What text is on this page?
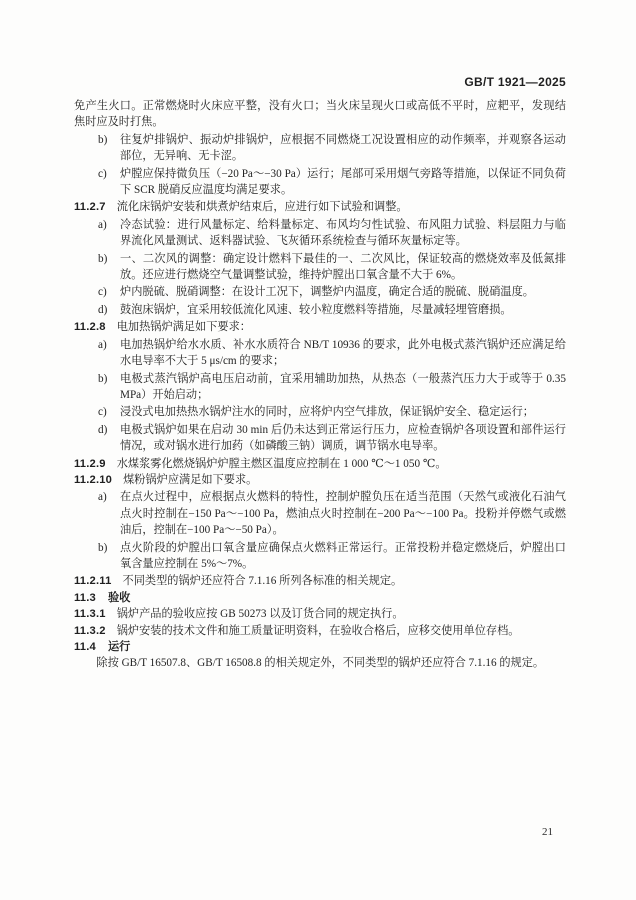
GB/T 1921—2025

免产生火口。正常燃烧时火床应平整，没有火口；当火床呈现火口或高低不平时，应耙平，发现结焦时应及时打焦。

b)	往复炉排锅炉、振动炉排锅炉，应根据不同燃烧工况设置相应的动作频率，并观察各运动部位，无异响、无卡涩。
c)	炉膛应保持微负压（−20 Pa～−30 Pa）运行；尾部可采用烟气旁路等措施，以保证不同负荷下 SCR 脱硝反应温度均满足要求。

11.2.7 流化床锅炉安装和烘煮炉结束后，应进行如下试验和调整。

a)	冷态试验：进行风量标定、给料量标定、布风均匀性试验、布风阻力试验、料层阻力与临界流化风量测试、返料器试验、飞灰循环系统检查与循环灰量标定等。
b)	一、二次风的调整：确定设计燃料下最佳的一、二次风比，保证较高的燃烧效率及低氮排放。还应进行燃烧空气量调整试验，维持炉膛出口氧含量不大于 6%。
c)	炉内脱硫、脱硝调整：在设计工况下，调整炉内温度，确定合适的脱硫、脱硝温度。
d)	鼓泡床锅炉，宜采用较低流化风速、较小粒度燃料等措施，尽量减轻埋管磨损。

11.2.8 电加热锅炉满足如下要求：

a)	电加热锅炉给水水质、补水水质符合 NB/T 10936 的要求，此外电极式蒸汽锅炉还应满足给水电导率不大于 5 μs/cm 的要求；
b)	电极式蒸汽锅炉高电压启动前，宜采用辅助加热，从热态（一般蒸汽压力大于或等于 0.35 MPa）开始启动；
c)	浸没式电加热热水锅炉注水的同时，应将炉内空气排放，保证锅炉安全、稳定运行；
d)	电极式锅炉如果在启动 30 min 后仍未达到正常运行压力，应检查锅炉各项设置和部件运行情况，或对锅水进行加药（如磷酸三钠）调质，调节锅水电导率。

11.2.9 水煤浆雾化燃烧锅炉炉膛主燃区温度应控制在 1 000 ℃～1 050 ℃。

11.2.10 煤粉锅炉应满足如下要求。

a)	在点火过程中，应根据点火燃料的特性，控制炉膛负压在适当范围（天然气或液化石油气点火时控制在−150 Pa～−100 Pa，燃油点火时控制在−200 Pa～−100 Pa。投粉并停燃气或燃油后，控制在−100 Pa～−50 Pa）。
b)	点火阶段的炉膛出口氧含量应确保点火燃料正常运行。正常投粉并稳定燃烧后，炉膛出口氧含量应控制在 5%～7%。

11.2.11 不同类型的锅炉还应符合 7.1.16 所列各标准的相关规定。

11.3 验收

11.3.1 锅炉产品的验收应按 GB 50273 以及订货合同的规定执行。

11.3.2 锅炉安装的技术文件和施工质量证明资料，在验收合格后，应移交使用单位存档。

11.4 运行

除按 GB/T 16507.8、GB/T 16508.8 的相关规定外，不同类型的锅炉还应符合 7.1.16 的规定。

21
